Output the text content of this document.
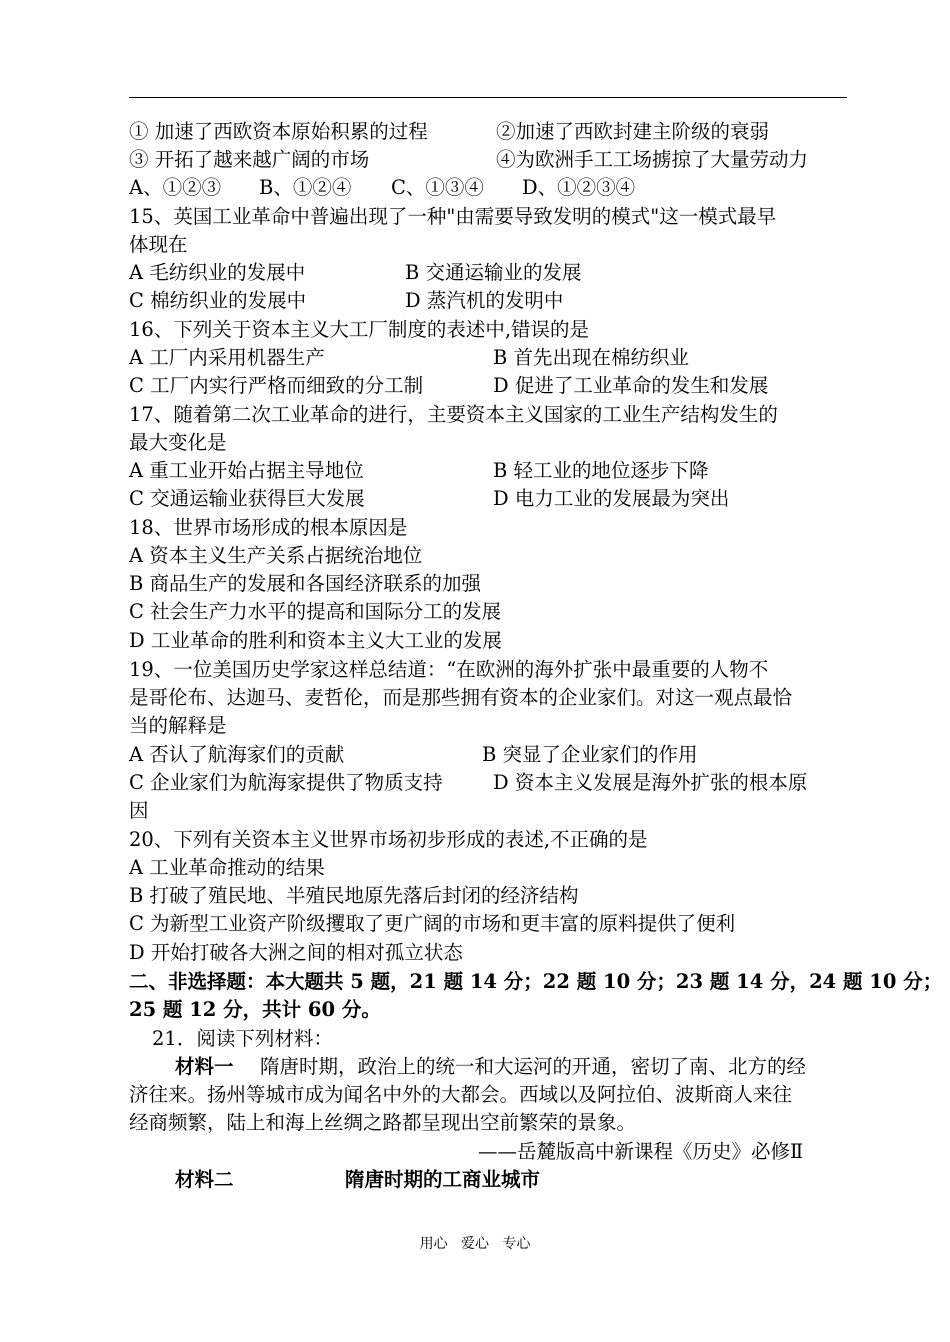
① 加速了西欧资本原始积累的过程	②加速了西欧封建主阶级的衰弱
③ 开拓了越来越广阔的市场	④为欧洲手工工场掳掠了大量劳动力
A、①②③ B、①②④ C、①③④ D、①②③④
15、英国工业革命中普遍出现了一种"由需要导致发明的模式"这一模式最早
体现在
A 毛纺织业的发展中	B 交通运输业的发展
C 棉纺织业的发展中	D 蒸汽机的发明中
16、下列关于资本主义大工厂制度的表述中,错误的是
A 工厂内采用机器生产	B 首先出现在棉纺织业
C 工厂内实行严格而细致的分工制	D 促进了工业革命的发生和发展
17、随着第二次工业革命的进行，主要资本主义国家的工业生产结构发生的
最大变化是
A 重工业开始占据主导地位	B 轻工业的地位逐步下降
C 交通运输业获得巨大发展	D 电力工业的发展最为突出
18、世界市场形成的根本原因是
A 资本主义生产关系占据统治地位
B 商品生产的发展和各国经济联系的加强
C 社会生产力水平的提高和国际分工的发展
D 工业革命的胜利和资本主义大工业的发展
19、一位美国历史学家这样总结道：“在欧洲的海外扩张中最重要的人物不
是哥伦布、达迦马、麦哲伦，而是那些拥有资本的企业家们。对这一观点最恰
当的解释是
A 否认了航海家们的贡献	B 突显了企业家们的作用
C 企业家们为航海家提供了物质支持	D 资本主义发展是海外扩张的根本原
因
20、下列有关资本主义世界市场初步形成的表述,不正确的是
A 工业革命推动的结果
B 打破了殖民地、半殖民地原先落后封闭的经济结构
C 为新型工业资产阶级攫取了更广阔的市场和更丰富的原料提供了便利
D 开始打破各大洲之间的相对孤立状态
二、非选择题：本大题共 5 题，21 题 14 分；22 题 10 分；23 题 14 分，24 题 10 分；
25 题 12 分，共计 60 分。
21．阅读下列材料：
材料一 隋唐时期，政治上的统一和大运河的开通，密切了南、北方的经
济往来。扬州等城市成为闻名中外的大都会。西域以及阿拉伯、波斯商人来往
经商频繁，陆上和海上丝绸之路都呈现出空前繁荣的景象。
——岳麓版高中新课程《历史》必修Ⅱ
材料二	隋唐时期的工商业城市
用心   爱心   专心
